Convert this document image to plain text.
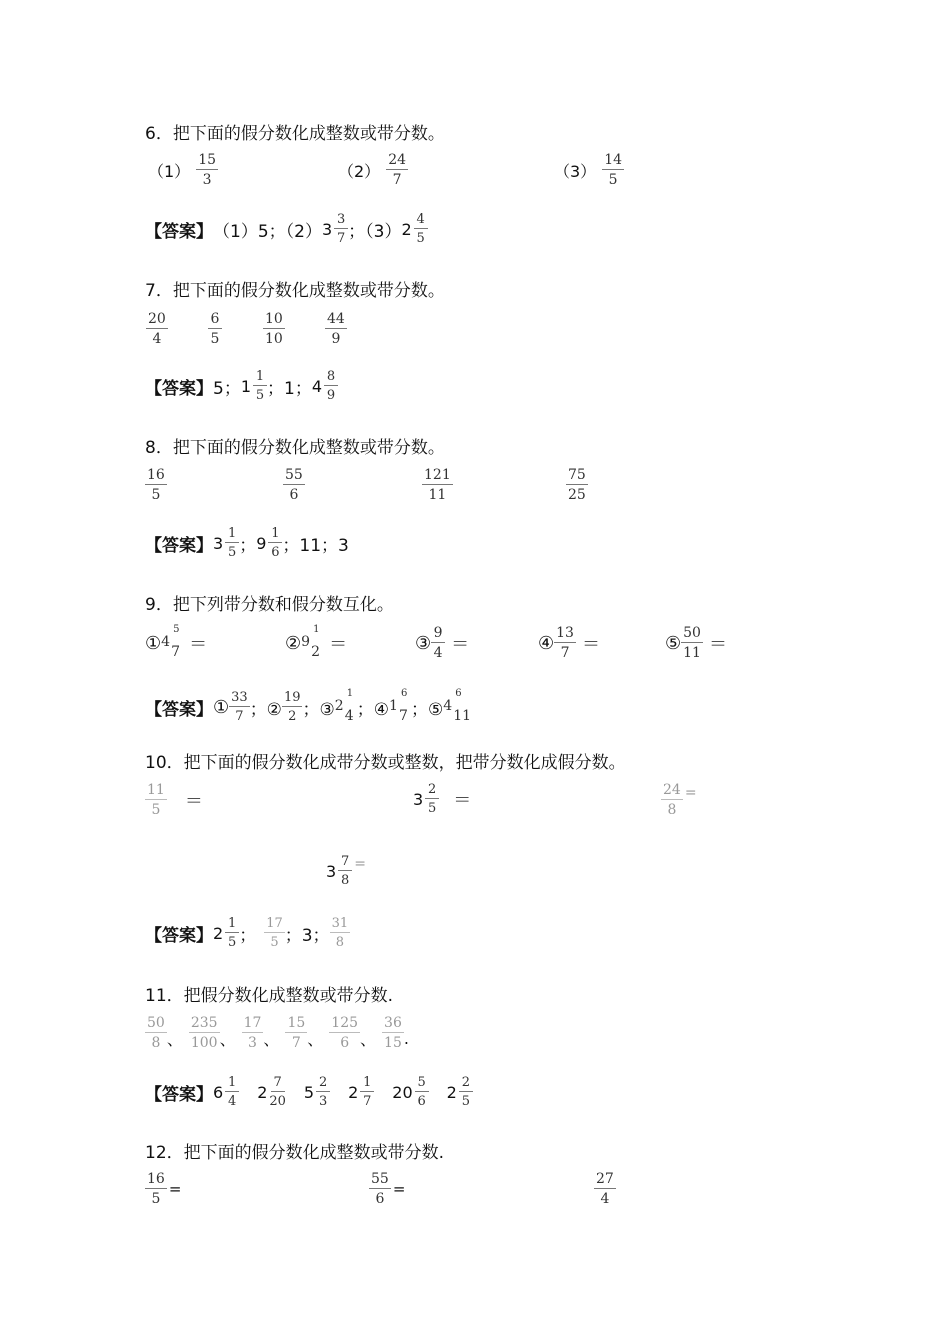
6．把下面的假分数化成整数或带分数。
$(1) \frac{15}{3}$	$(2) \frac{24}{7}$	$(3) \frac{14}{5}$
【答案】 （1）5；（2） $3 \frac{3}{7}$ ；（3） $2 \frac{4}{5}$
7．把下面的假分数化成整数或带分数。
$\frac{20}{4}$	$\frac{6}{5}$	$\frac{10}{10}$	$\frac{44}{9}$
【答案】 5； $1 \frac{1}{5}$ ；1； $4 \frac{8}{9}$
8．把下面的假分数化成整数或带分数。
$\frac{16}{5}$	$\frac{55}{6}$	$\frac{121}{11}$	$\frac{75}{25}$
【答案】 $3 \frac{1}{5}$ ； $9 \frac{1}{6}$ ；11；3
9．把下列带分数和假分数互化。
① 4
5
7 ＝	② 9
1
2 ＝	③ $\frac{9}{4}$ ＝	④ $\frac{13}{7}$ ＝	⑤ $\frac{50}{11}$ ＝
【答案】 ① $\frac{33}{7}$ ；② $\frac{19}{2}$ ；③ 2
1
4 ；④ 1
6
7 ；⑤ 4
6
11
10．把下面的假分数化成带分数或整数，把带分数化成假分数。
$\frac{11}{5}$ ＝	$3 \frac{2}{5}$ ＝	$\frac{24}{8}$ =
$3 \frac{7}{8}$ =
【答案】 $2 \frac{1}{5}$ ； $\frac{17}{5}$ ；3； $\frac{31}{8}$
11．把假分数化成整数或带分数.
$\frac{50}{8}$ 、 $\frac{235}{100}$ 、 $\frac{17}{3}$ 、 $\frac{15}{7}$ 、 $\frac{125}{6}$ 、 $\frac{36}{15}$ .
【答案】 $6 \frac{1}{4} 2 \frac{7}{20} 5 \frac{2}{3} 2 \frac{1}{7} 20 \frac{5}{6} 2 \frac{2}{5}$
12．把下面的假分数化成整数或带分数.
$\frac{16}{5}$ =	$\frac{55}{6}$ =	$\frac{27}{4}$
